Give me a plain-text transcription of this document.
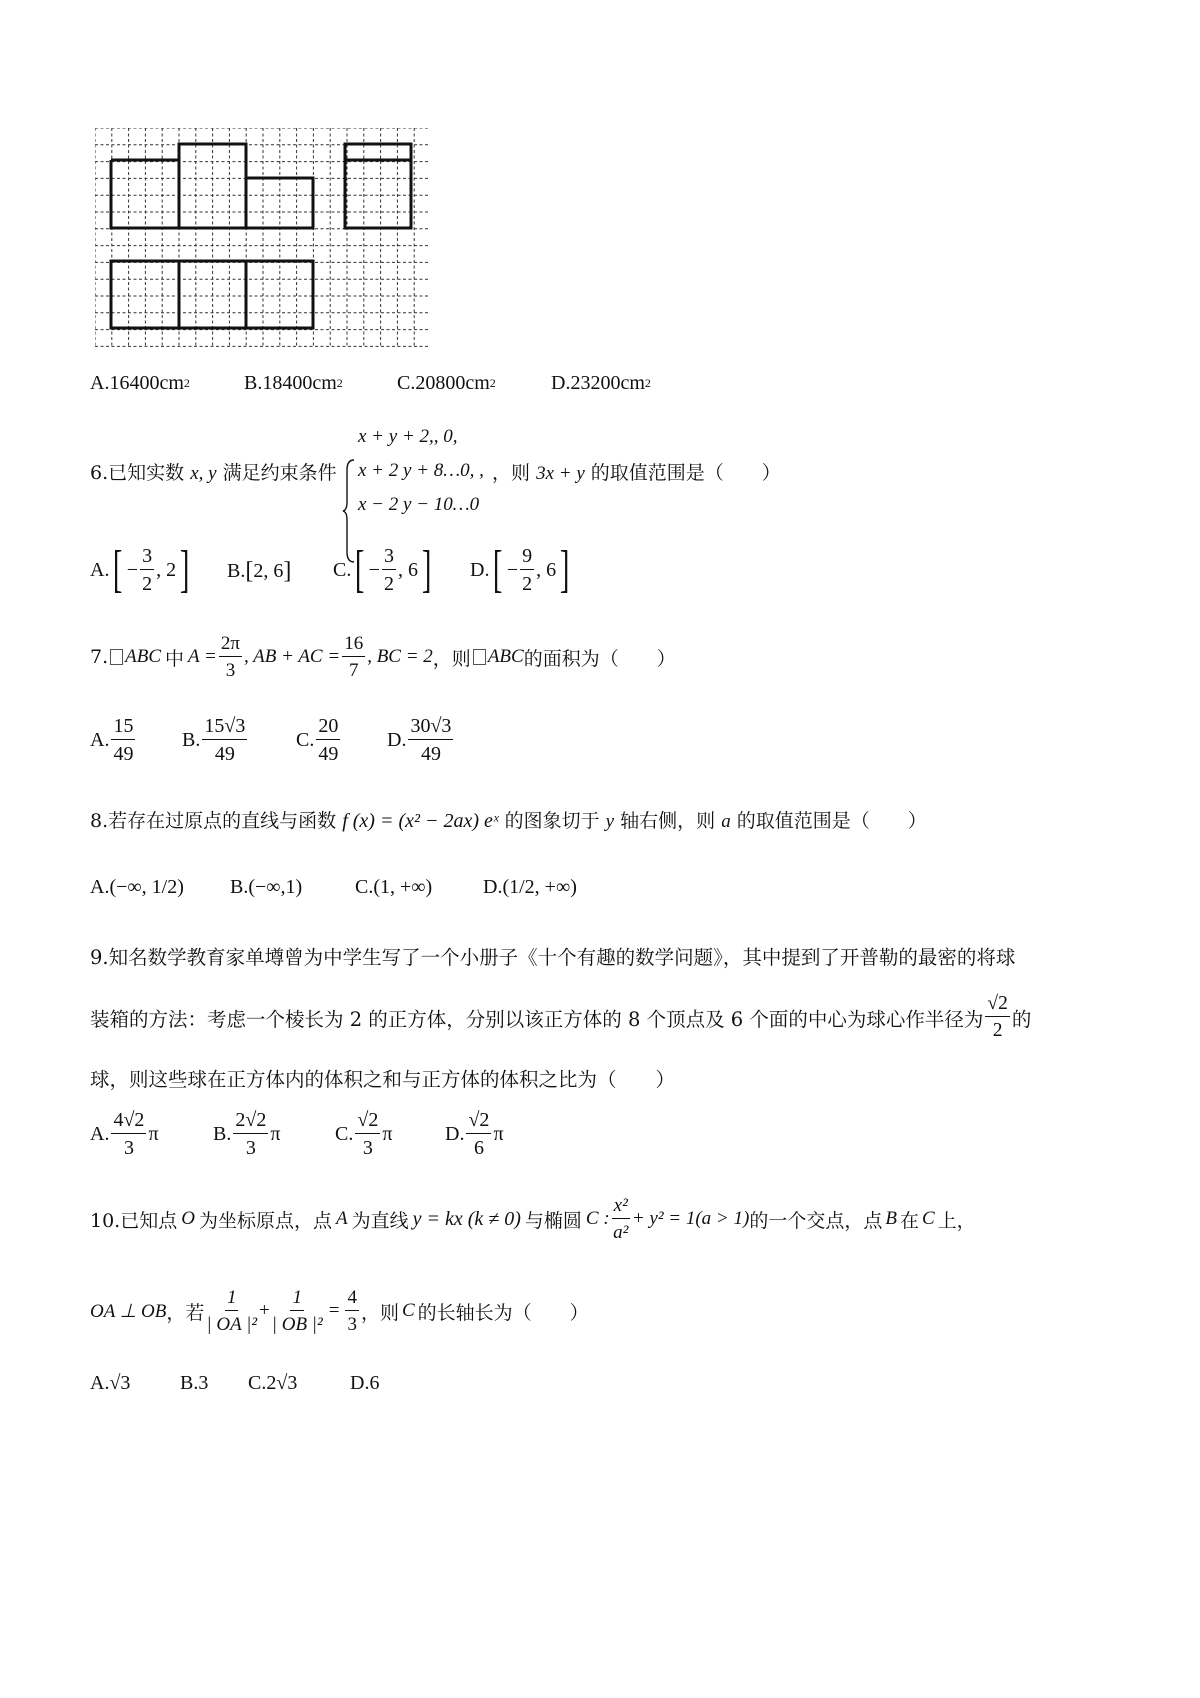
A. 16400cm 2	B. 18400cm 2	C. 20800cm 2	D. 23200cm 2
6.已知实数 x, y 满足约束条件
x + y + 2,, 0,
x + 2 y + 8…0, ,
x − 2 y − 10…0
，则 3x + y 的取值范围是（　　）
A. [ − $\frac{3}{2}$ , 2 ] B. [ 2, 6 ] C. [ − $\frac{3}{2}$ , 6 ] D. [ − $\frac{9}{2}$ , 6 ]
7. ABC 中 $A = \frac{2\pi}{3}$ , AB + AC = $\frac{16}{7}$ , BC = 2 ，则 ABC 的面积为（　　）
A. $\frac{15}{49} B$. $\frac{15√3}{49} C$. $\frac{20}{49} D$. $\frac{30√3}{49}$
8.若存在过原点的直线与函数 f (x) = (x² − 2ax) eˣ 的图象切于 y 轴右侧，则 a 的取值范围是（　　）
A. (−∞, 1/2) B. (−∞,1)	C. (1, +∞)	D. (1/2, +∞)
9.知名数学教育家单墫曾为中学生写了一个小册子《十个有趣的数学问题》，其中提到了开普勒的最密的将球
装箱的方法：考虑一个棱长为 2 的正方体，分别以该正方体的 8 个顶点及 6 个面的中心为球心作半径为 $\frac{√2}{2}$ 的
球，则这些球在正方体内的体积之和与正方体的体积之比为（　　）
A. $\frac{4√2}{3}$ π	B. $\frac{2√2}{3}$ π	C. $\frac{√2}{3}$ π	D. $\frac{√2}{6}$ π
10.已知点 O 为坐标原点，点 A 为直线 y = kx (k ≠ 0) 与椭圆 C : $\frac{\text{x²}}{\text{a²}} + y^2 = 1(a > 1)$ 的一个交点，点 B 在 C 上，
OA ⊥ OB ，若 $\frac{1}{\text{| OA |²}} + \frac{1}{\text{| OB |²}} = \frac{4}{3}$ ，则 C 的长轴长为（　　）
A. √3 B. 3 C. 2√3	D. 6
